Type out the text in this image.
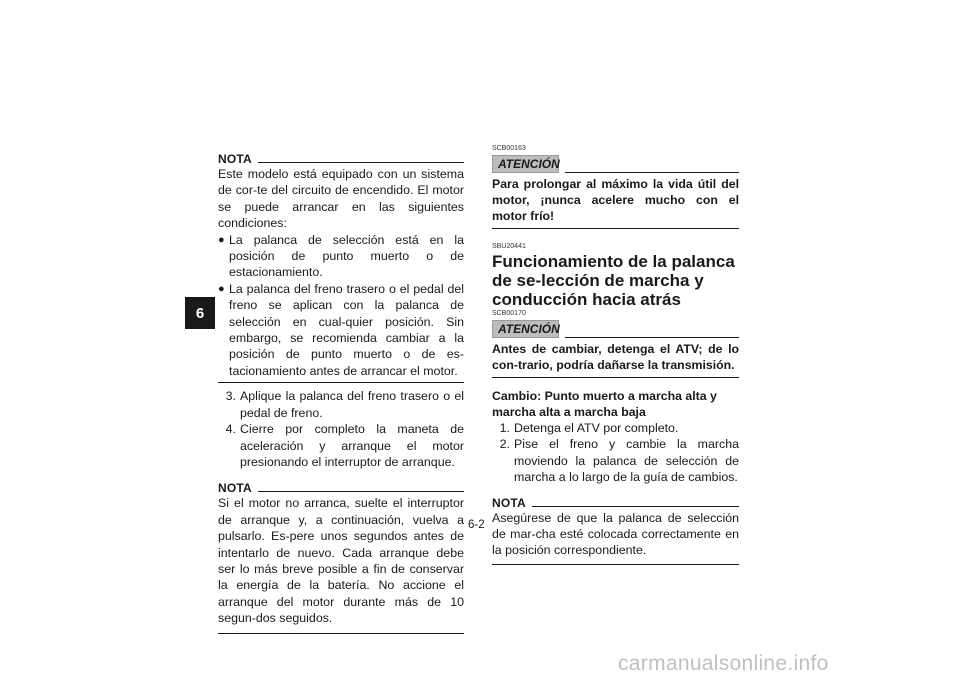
6
NOTA
Este modelo está equipado con un sistema de cor-te del circuito de encendido. El motor se puede arrancar en las siguientes condiciones:
● La palanca de selección está en la posición de punto muerto o de estacionamiento.
● La palanca del freno trasero o el pedal del freno se aplican con la palanca de selección en cual-quier posición. Sin embargo, se recomienda cambiar a la posición de punto muerto o de es-tacionamiento antes de arrancar el motor.
3. Aplique la palanca del freno trasero o el pedal de freno.
4. Cierre por completo la maneta de aceleración y arranque el motor presionando el interruptor de arranque.
NOTA
Si el motor no arranca, suelte el interruptor de arranque y, a continuación, vuelva a pulsarlo. Es-pere unos segundos antes de intentarlo de nuevo. Cada arranque debe ser lo más breve posible a fin de conservar la energía de la batería. No accione el arranque del motor durante más de 10 segun-dos seguidos.
SCB00163
ATENCIÓN
Para prolongar al máximo la vida útil del motor, ¡nunca acelere mucho con el motor frío!
SBU20441
Funcionamiento de la palanca de se-lección de marcha y conducción hacia atrás
SCB00170
ATENCIÓN
Antes de cambiar, detenga el ATV; de lo con-trario, podría dañarse la transmisión.
Cambio: Punto muerto a marcha alta y marcha alta a marcha baja
1. Detenga el ATV por completo.
2. Pise el freno y cambie la marcha moviendo la palanca de selección de marcha a lo largo de la guía de cambios.
NOTA
Asegúrese de que la palanca de selección de mar-cha esté colocada correctamente en la posición correspondiente.
6-2
carmanualsonline.info
